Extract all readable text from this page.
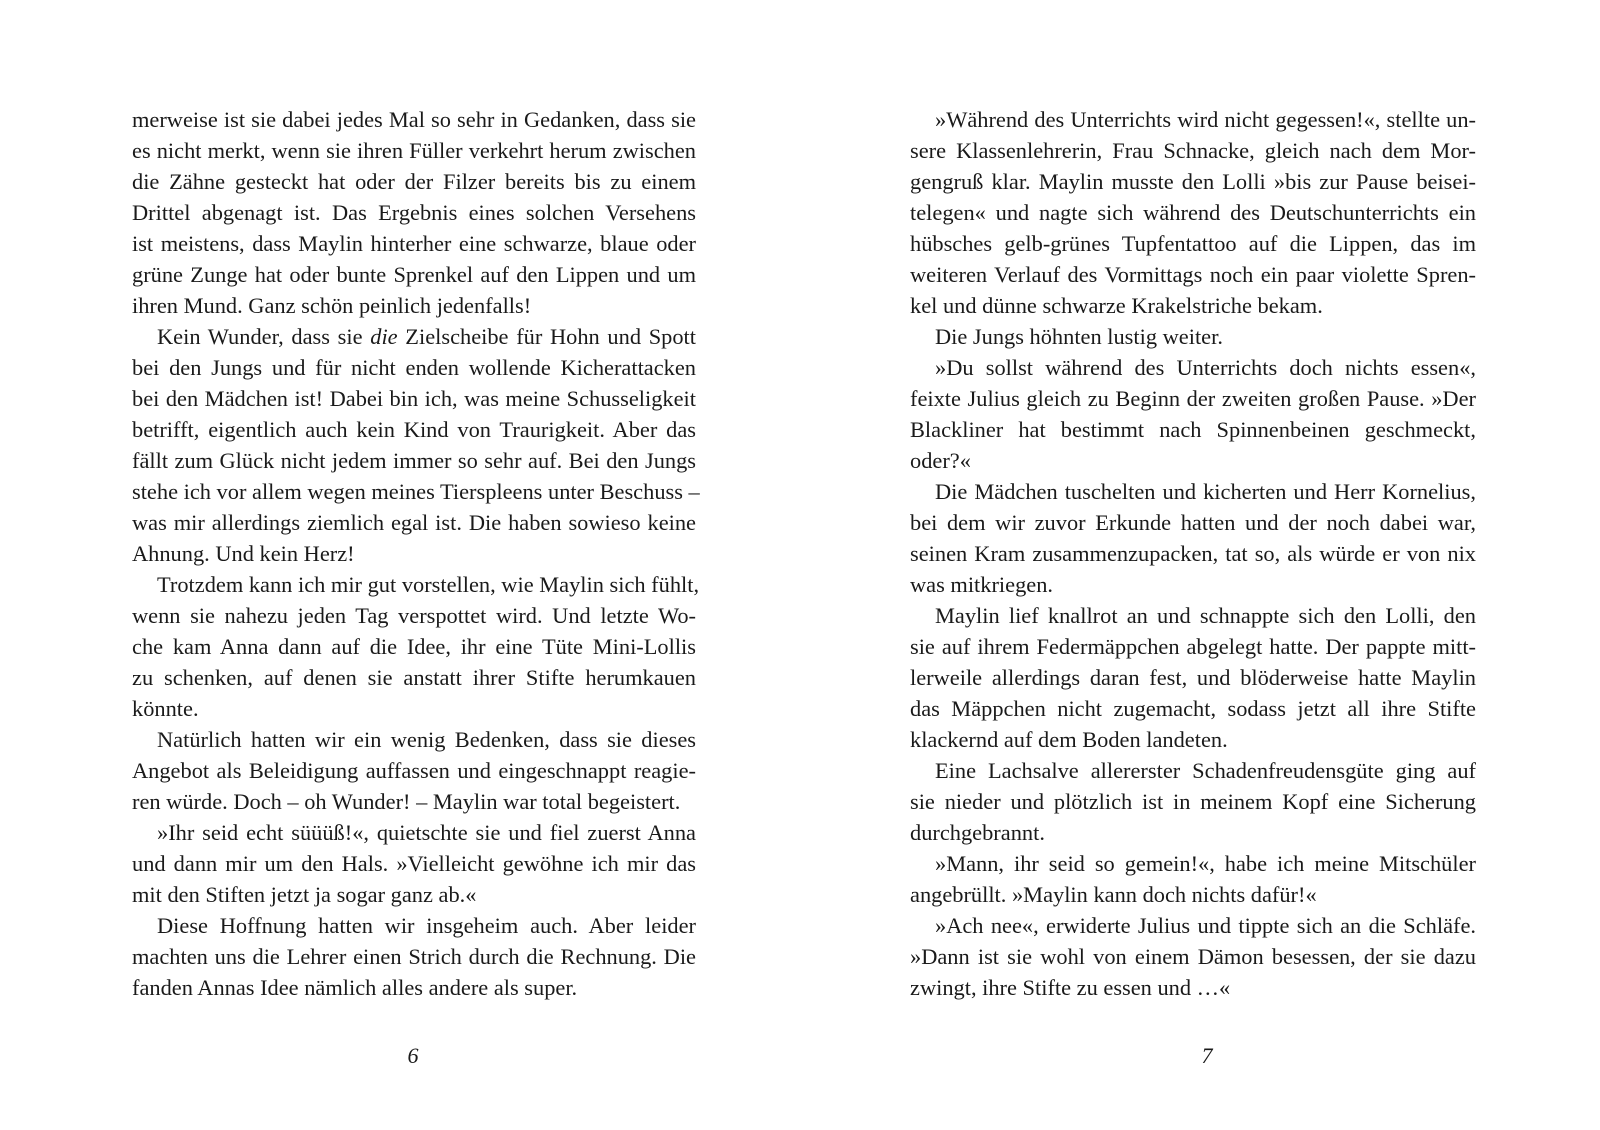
merweise ist sie dabei jedes Mal so sehr in Gedanken, dass sie
es nicht merkt, wenn sie ihren Füller verkehrt herum zwischen
die Zähne gesteckt hat oder der Filzer bereits bis zu einem
Drittel abgenagt ist. Das Ergebnis eines solchen Versehens
ist meistens, dass Maylin hinterher eine schwarze, blaue oder
grüne Zunge hat oder bunte Sprenkel auf den Lippen und um
ihren Mund. Ganz schön peinlich jedenfalls!
Kein Wunder, dass sie die Zielscheibe für Hohn und Spott
bei den Jungs und für nicht enden wollende Kicherattacken
bei den Mädchen ist! Dabei bin ich, was meine Schusseligkeit
betrifft, eigentlich auch kein Kind von Traurigkeit. Aber das
fällt zum Glück nicht jedem immer so sehr auf. Bei den Jungs
stehe ich vor allem wegen meines Tierspleens unter Beschuss –
was mir allerdings ziemlich egal ist. Die haben sowieso keine
Ahnung. Und kein Herz!
Trotzdem kann ich mir gut vorstellen, wie Maylin sich fühlt,
wenn sie nahezu jeden Tag verspottet wird. Und letzte Wo-
che kam Anna dann auf die Idee, ihr eine Tüte Mini-Lollis
zu schenken, auf denen sie anstatt ihrer Stifte herumkauen
könnte.
Natürlich hatten wir ein wenig Bedenken, dass sie dieses
Angebot als Beleidigung auffassen und eingeschnappt reagie-
ren würde. Doch – oh Wunder! – Maylin war total begeistert.
»Ihr seid echt süüüß!«, quietschte sie und fiel zuerst Anna
und dann mir um den Hals. »Vielleicht gewöhne ich mir das
mit den Stiften jetzt ja sogar ganz ab.«
Diese Hoffnung hatten wir insgeheim auch. Aber leider
machten uns die Lehrer einen Strich durch die Rechnung. Die
fanden Annas Idee nämlich alles andere als super.
6
»Während des Unterrichts wird nicht gegessen!«, stellte un-
sere Klassenlehrerin, Frau Schnacke, gleich nach dem Mor-
gengruß klar. Maylin musste den Lolli »bis zur Pause beisei-
telegen« und nagte sich während des Deutschunterrichts ein
hübsches gelb-grünes Tupfentattoo auf die Lippen, das im
weiteren Verlauf des Vormittags noch ein paar violette Spren-
kel und dünne schwarze Krakelstriche bekam.
Die Jungs höhnten lustig weiter.
»Du sollst während des Unterrichts doch nichts essen«,
feixte Julius gleich zu Beginn der zweiten großen Pause. »Der
Blackliner hat bestimmt nach Spinnenbeinen geschmeckt,
oder?«
Die Mädchen tuschelten und kicherten und Herr Kornelius,
bei dem wir zuvor Erkunde hatten und der noch dabei war,
seinen Kram zusammenzupacken, tat so, als würde er von nix
was mitkriegen.
Maylin lief knallrot an und schnappte sich den Lolli, den
sie auf ihrem Federmäppchen abgelegt hatte. Der pappte mitt-
lerweile allerdings daran fest, und blöderweise hatte Maylin
das Mäppchen nicht zugemacht, sodass jetzt all ihre Stifte
klackernd auf dem Boden landeten.
Eine Lachsalve allererster Schadenfreudensgüte ging auf
sie nieder und plötzlich ist in meinem Kopf eine Sicherung
durchgebrannt.
»Mann, ihr seid so gemein!«, habe ich meine Mitschüler
angebrüllt. »Maylin kann doch nichts dafür!«
»Ach nee«, erwiderte Julius und tippte sich an die Schläfe.
»Dann ist sie wohl von einem Dämon besessen, der sie dazu
zwingt, ihre Stifte zu essen und …«
7
